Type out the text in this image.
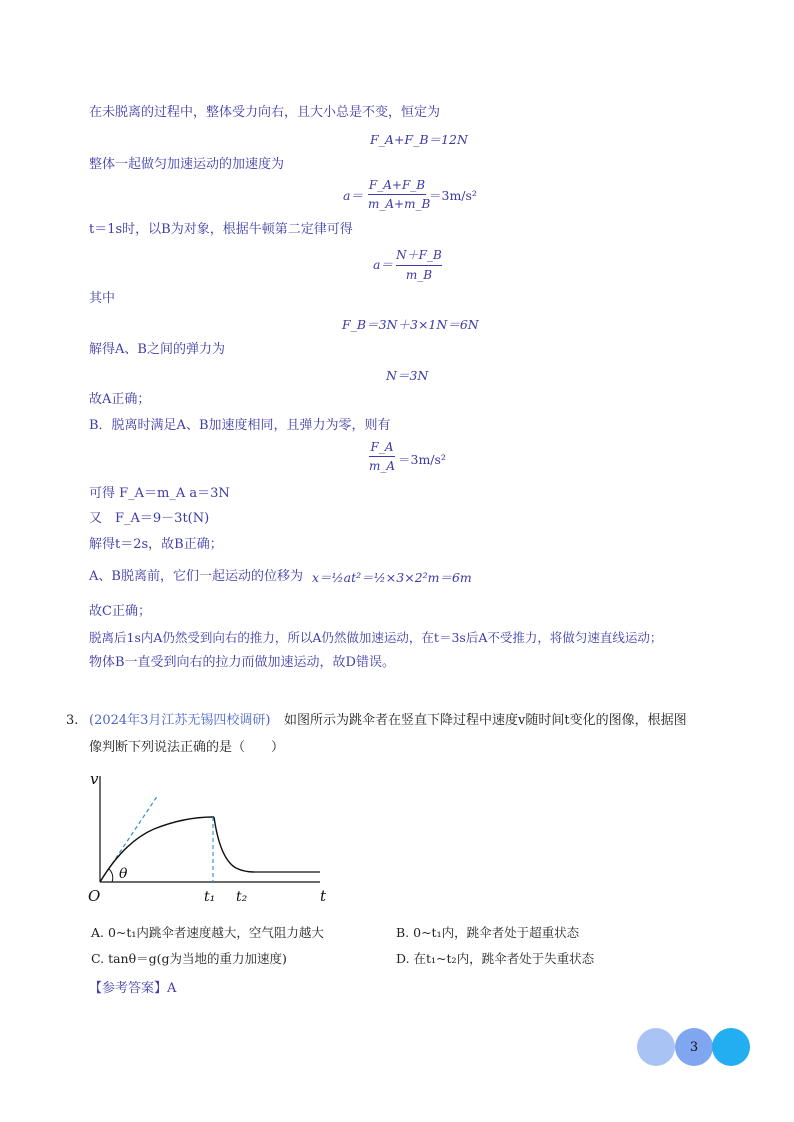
在未脱离的过程中，整体受力向右，且大小总是不变，恒定为
F_A+F_B＝12N
整体一起做匀加速运动的加速度为
a＝
F_A+F_B
m_A+m_B
＝3m/s²
t＝1s时，以B为对象，根据牛顿第二定律可得
a＝
N＋F_B
m_B
其中
F_B＝3N＋3×1N＝6N
解得A、B之间的弹力为
N＝3N
故A正确；
B．脱离时满足A、B加速度相同，且弹力为零，则有
F_A
m_A ＝3m/s²
可得 F_A＝m_A a＝3N
又　F_A＝9－3t(N)
解得t＝2s，故B正确；
A、B脱离前，它们一起运动的位移为 x＝½at²＝½×3×2²m＝6m
故C正确；
脱离后1s内A仍然受到向右的推力，所以A仍然做加速运动，在t＝3s后A不受推力，将做匀速直线运动；
物体B一直受到向右的拉力而做加速运动，故D错误。
3. (2024年3月江苏无锡四校调研) 如图所示为跳伞者在竖直下降过程中速度v随时间t变化的图像，根据图
像判断下列说法正确的是（　　）
v
t
O
θ
t₁ t₂
A. 0~t₁内跳伞者速度越大，空气阻力越大	B. 0~t₁内，跳伞者处于超重状态
C. tanθ＝g(g为当地的重力加速度)	D. 在t₁~t₂内，跳伞者处于失重状态
【参考答案】A
3
